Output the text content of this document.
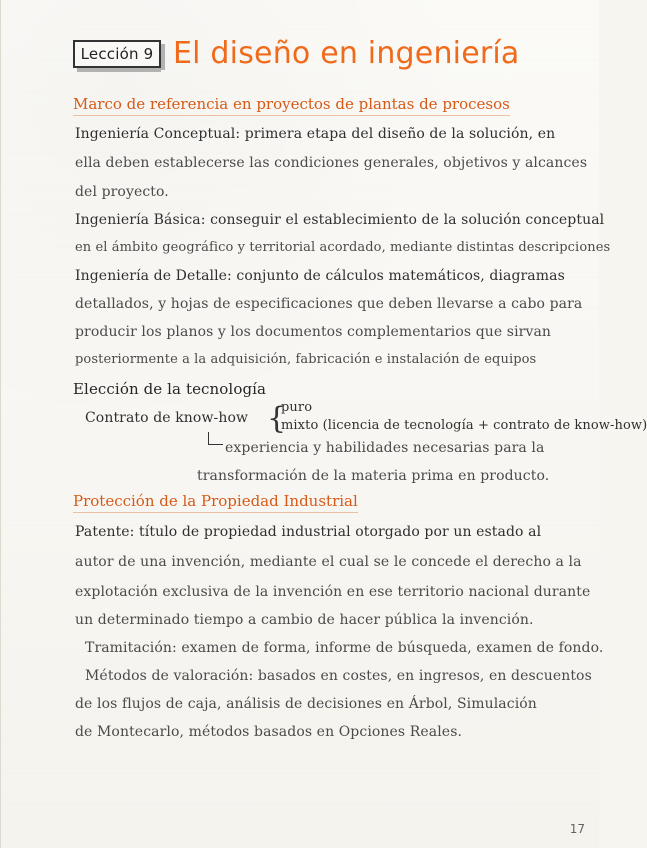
Lección 9 El diseño en ingeniería
Marco de referencia en proyectos de plantas de procesos
Ingeniería Conceptual: primera etapa del diseño de la solución, en
ella deben establecerse las condiciones generales, objetivos y alcances
del proyecto.
Ingeniería Básica: conseguir el establecimiento de la solución conceptual
en el ámbito geográfico y territorial acordado, mediante distintas descripciones
Ingeniería de Detalle: conjunto de cálculos matemáticos, diagramas
detallados, y hojas de especificaciones que deben llevarse a cabo para
producir los planos y los documentos complementarios que sirvan
posteriormente a la adquisición, fabricación e instalación de equipos
Elección de la tecnología
Contrato de know-how {
puro
mixto (licencia de tecnología + contrato de know-how)
experiencia y habilidades necesarias para la
transformación de la materia prima en producto.
Protección de la Propiedad Industrial
Patente: título de propiedad industrial otorgado por un estado al
autor de una invención, mediante el cual se le concede el derecho a la
explotación exclusiva de la invención en ese territorio nacional durante
un determinado tiempo a cambio de hacer pública la invención.
Tramitación: examen de forma, informe de búsqueda, examen de fondo.
Métodos de valoración: basados en costes, en ingresos, en descuentos
de los flujos de caja, análisis de decisiones en Árbol, Simulación
de Montecarlo, métodos basados en Opciones Reales.
17
